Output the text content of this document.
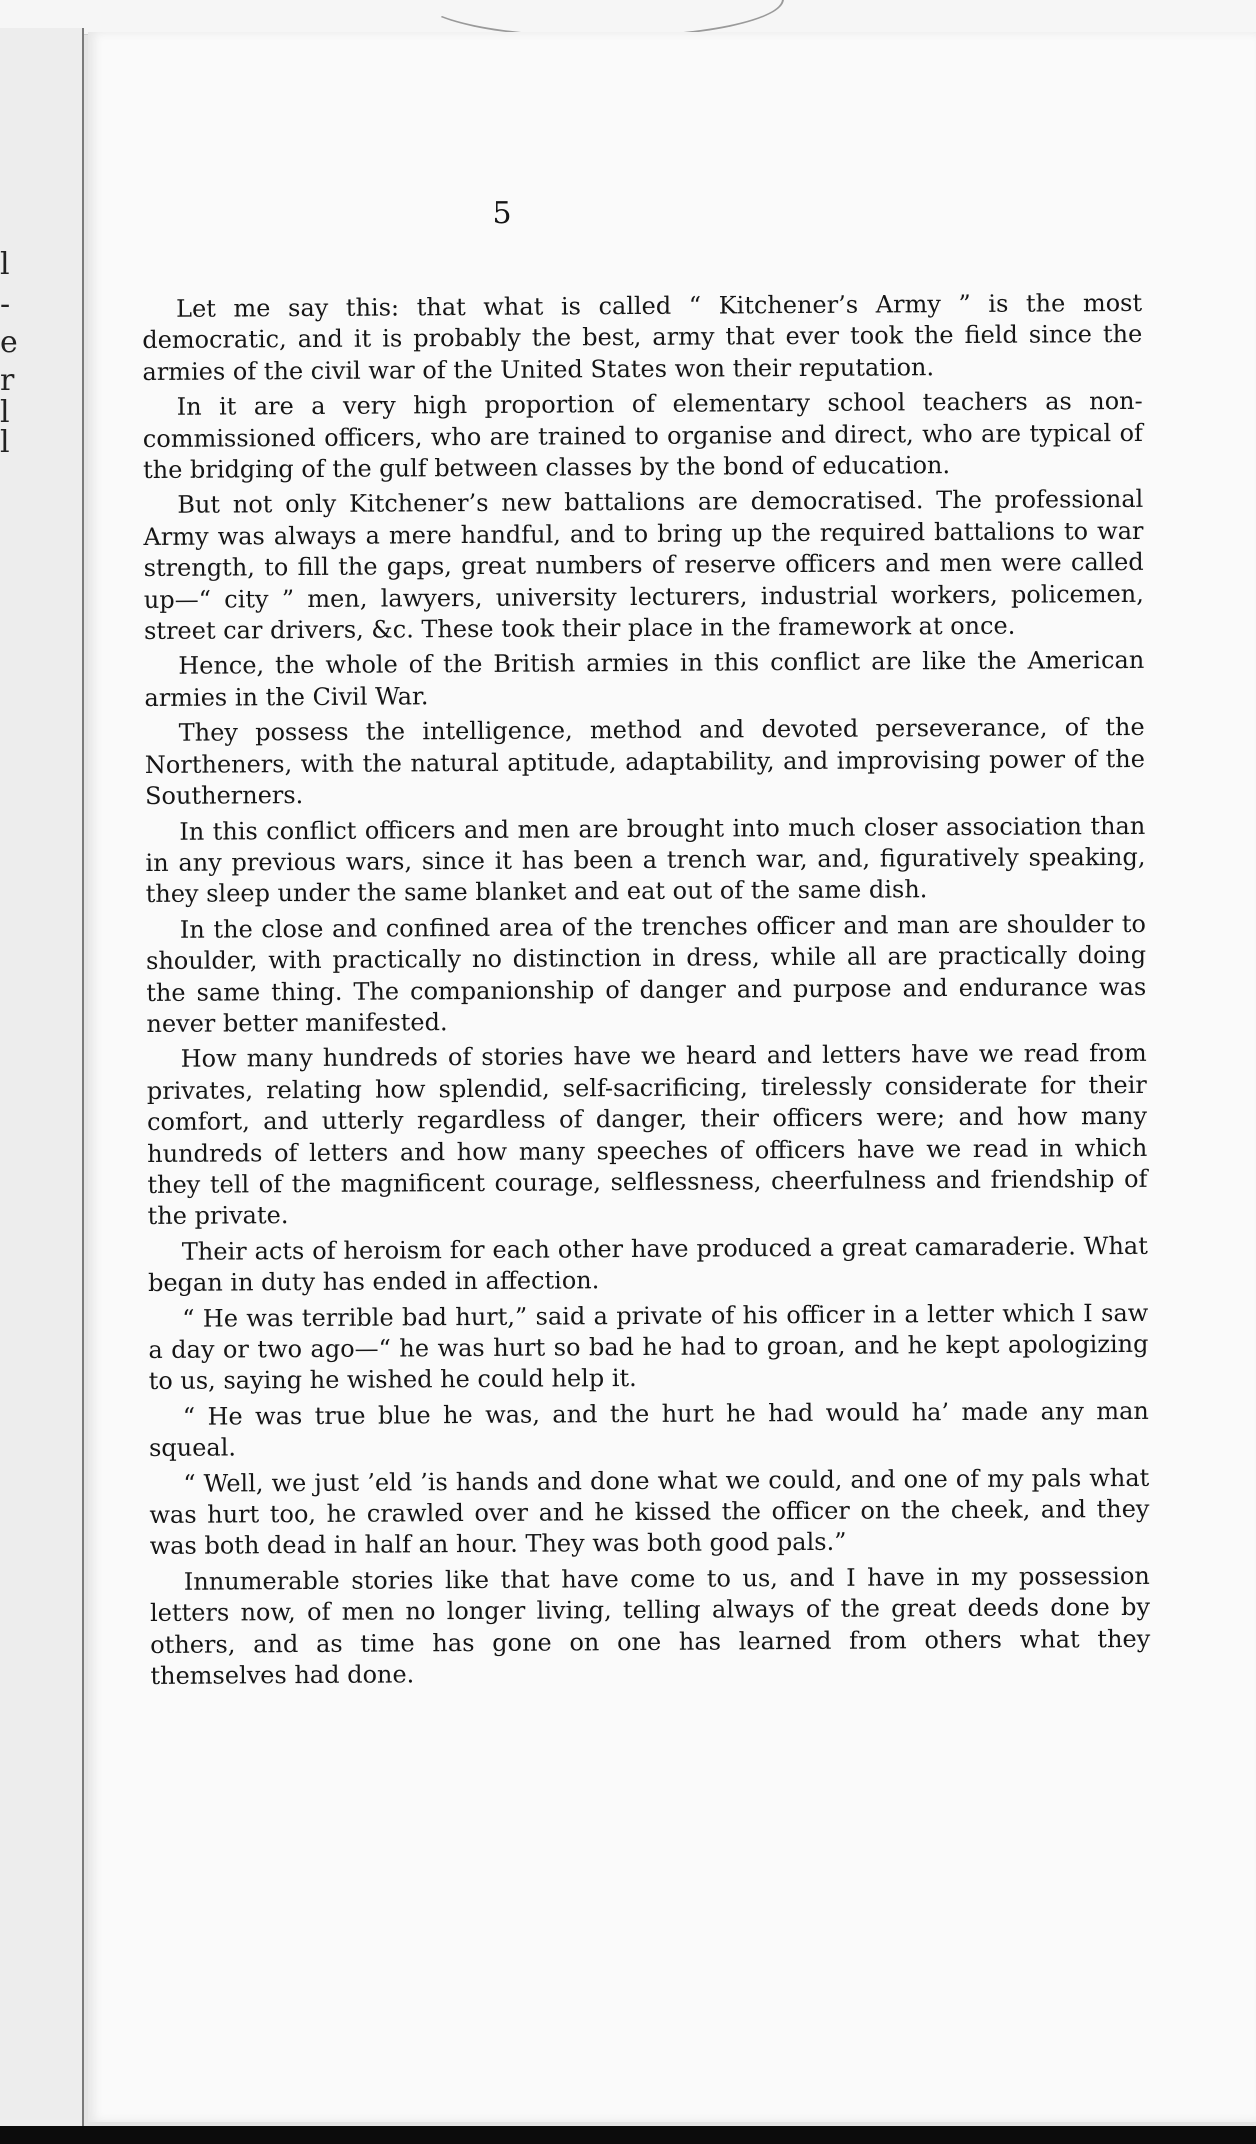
l
-
e
r
l
l
5

Let me say this: that what is called “ Kitchener’s Army ” is the most democratic, and it is probably the best, army that ever took the field since the armies of the civil war of the United States won their reputation.

In it are a very high proportion of elementary school teachers as non-commissioned officers, who are trained to organise and direct, who are typical of the bridging of the gulf between classes by the bond of education.

But not only Kitchener’s new battalions are democratised. The professional Army was always a mere handful, and to bring up the required battalions to war strength, to fill the gaps, great numbers of reserve officers and men were called up—“ city ” men, lawyers, university lecturers, industrial workers, policemen, street car drivers, &c. These took their place in the framework at once.

Hence, the whole of the British armies in this conflict are like the American armies in the Civil War.

They possess the intelligence, method and devoted perseverance, of the Northeners, with the natural aptitude, adaptability, and improvising power of the Southerners.

In this conflict officers and men are brought into much closer association than in any previous wars, since it has been a trench war, and, figuratively speaking, they sleep under the same blanket and eat out of the same dish.

In the close and confined area of the trenches officer and man are shoulder to shoulder, with practically no distinction in dress, while all are practically doing the same thing. The companionship of danger and purpose and endurance was never better manifested.

How many hundreds of stories have we heard and letters have we read from privates, relating how splendid, self-sacrificing, tirelessly considerate for their comfort, and utterly regardless of danger, their officers were; and how many hundreds of letters and how many speeches of officers have we read in which they tell of the magnificent courage, selflessness, cheerfulness and friendship of the private.

Their acts of heroism for each other have produced a great camaraderie. What began in duty has ended in affection.

“ He was terrible bad hurt,” said a private of his officer in a letter which I saw a day or two ago—“ he was hurt so bad he had to groan, and he kept apologizing to us, saying he wished he could help it.

“ He was true blue he was, and the hurt he had would ha’ made any man squeal.

“ Well, we just ’eld ’is hands and done what we could, and one of my pals what was hurt too, he crawled over and he kissed the officer on the cheek, and they was both dead in half an hour. They was both good pals.”

Innumerable stories like that have come to us, and I have in my possession letters now, of men no longer living, telling always of the great deeds done by others, and as time has gone on one has learned from others what they themselves had done.
